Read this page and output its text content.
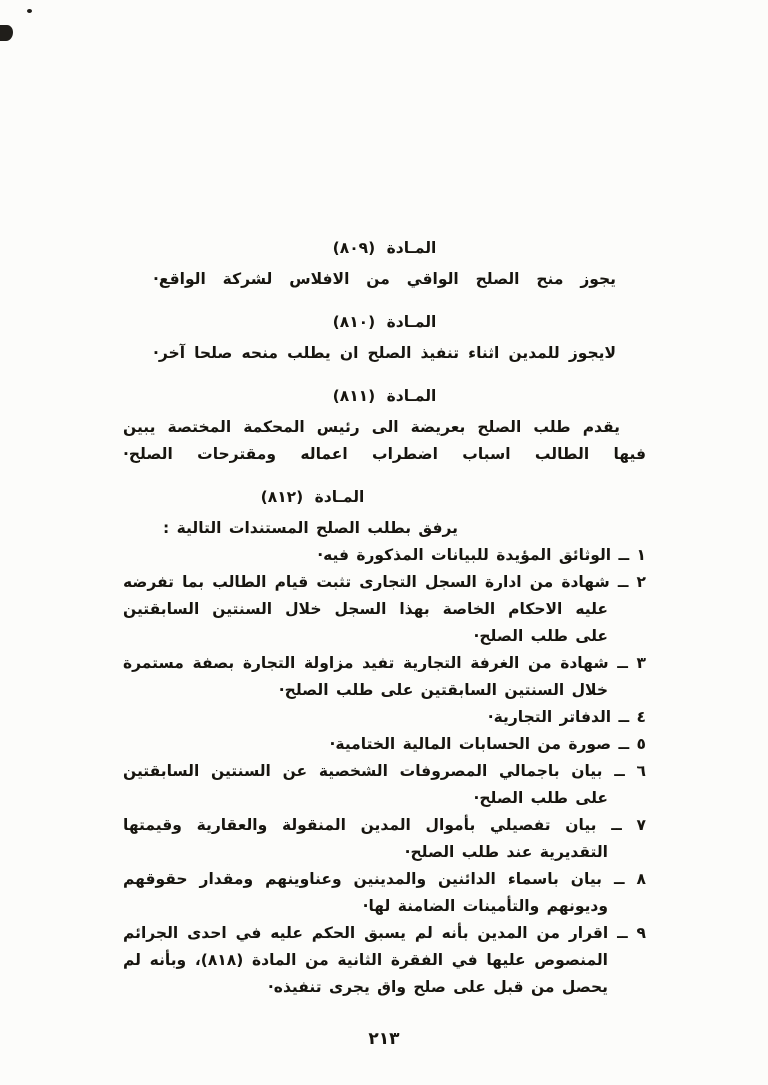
المـادة (٨٠٩)

يجوز منح الصلح الواقي من الافلاس لشركة الواقع·

المـادة (٨١٠)

لايجوز للمدين اثناء تنفيذ الصلح ان يطلب منحه صلحا آخر·

المـادة (٨١١)

يقدم طلب الصلح بعريضة الى رئيس المحكمة المختصة يبين فيها الطالب اسباب اضطراب اعماله ومقترحات الصلح·

المـادة (٨١٢)

يرفق بطلب الصلح المستندات التالية :

١ ــ الوثائق المؤيدة للبيانات المذكورة فيه·
٢ ــ شهادة من ادارة السجل التجارى تثبت قيام الطالب بما تفرضه عليه الاحكام الخاصة بهذا السجل خلال السنتين السابقتين على طلب الصلح·
٣ ــ شهادة من الغرفة التجارية تفيد مزاولة التجارة بصفة مستمرة خلال السنتين السابقتين على طلب الصلح·
٤ ــ الدفاتر التجارية·
٥ ــ صورة من الحسابات المالية الختامية·
٦ ــ بيان باجمالي المصروفات الشخصية عن السنتين السابقتين على طلب الصلح·
٧ ــ بيان تفصيلي بأموال المدين المنقولة والعقارية وقيمتها التقديرية عند طلب الصلح·
٨ ــ بيان باسماء الدائنين والمدينين وعناوينهم ومقدار حقوقهم وديونهم والتأمينات الضامنة لها·
٩ ــ اقرار من المدين بأنه لم يسبق الحكم عليه في احدى الجرائم المنصوص عليها في الفقرة الثانية من المادة (٨١٨)، وبأنه لم يحصل من قبل على صلح واق يجرى تنفيذه·
٢١٣
